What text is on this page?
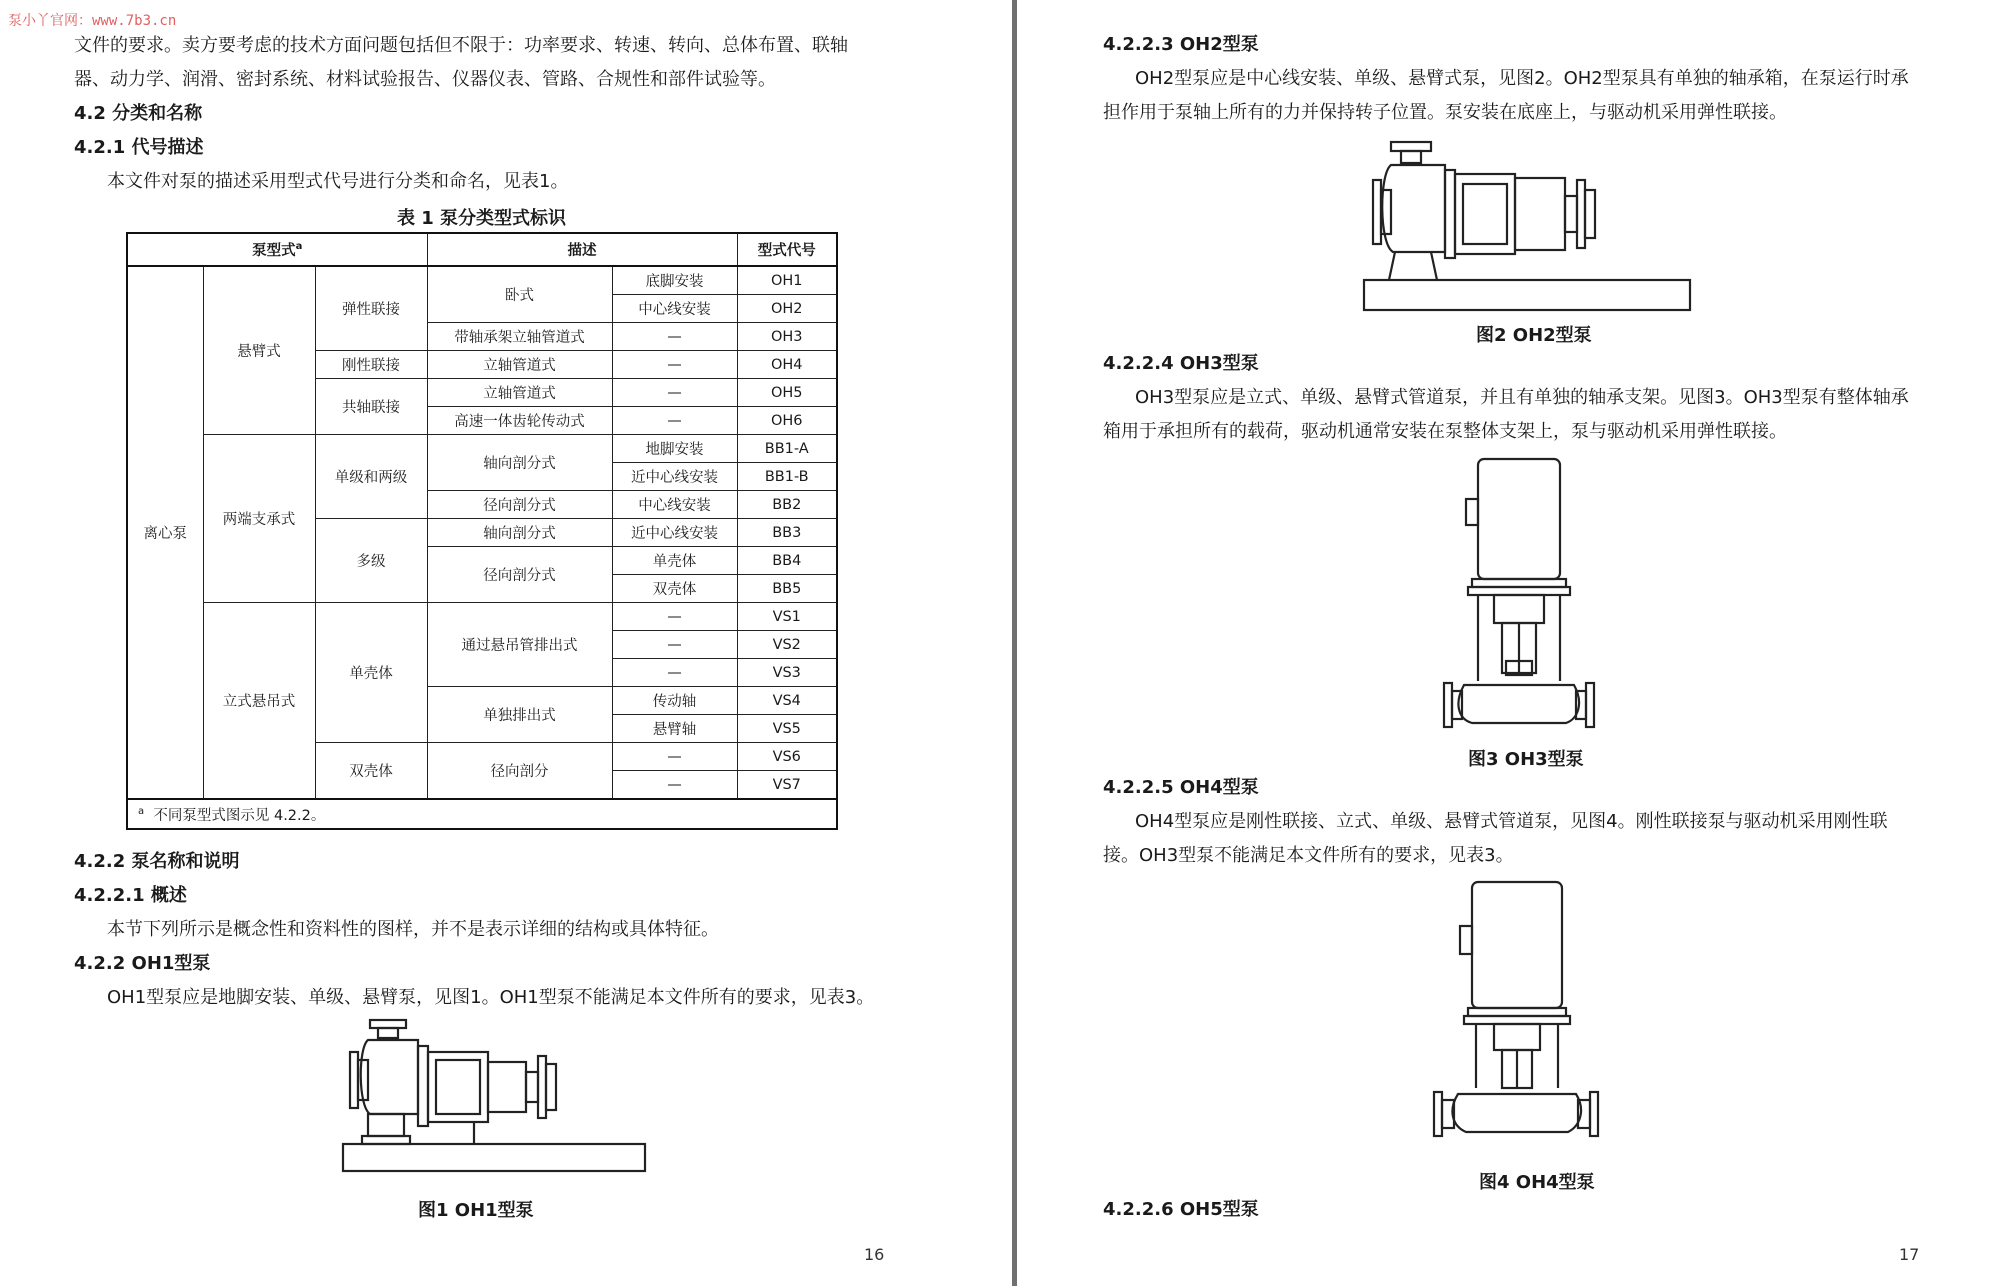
泵小丫官网：www.7b3.cn
文件的要求。卖方要考虑的技术方面问题包括但不限于：功率要求、转速、转向、总体布置、联轴
器、动力学、润滑、密封系统、材料试验报告、仪器仪表、管路、合规性和部件试验等。
4.2 分类和名称
4.2.1 代号描述
本文件对泵的描述采用型式代号进行分类和命名，见表1。
表 1 泵分类型式标识
泵型式$^a$			描述		型式代号
离心泵	悬臂式	弹性联接	卧式	底脚安装	OH1
				中心线安装	OH2
			带轴承架立轴管道式	—	OH3
		刚性联接	立轴管道式	—	OH4
		共轴联接	立轴管道式	—	OH5
			高速一体齿轮传动式	—	OH6
	两端支承式	单级和两级	轴向剖分式	地脚安装	BB1-A
				近中心线安装	BB1-B
			径向剖分式	中心线安装	BB2
		多级	轴向剖分式	近中心线安装	BB3
			径向剖分式	单壳体	BB4
				双壳体	BB5
	立式悬吊式	单壳体	通过悬吊管排出式	—	VS1
				—	VS2
				—	VS3
			单独排出式	传动轴	VS4
				悬臂轴	VS5
		双壳体	径向剖分	—	VS6
				—	VS7
$^a$ 不同泵型式图示见 4.2.2。					
4.2.2 泵名称和说明
4.2.2.1 概述
本节下列所示是概念性和资料性的图样，并不是表示详细的结构或具体特征。
4.2.2 OH1型泵
OH1型泵应是地脚安装、单级、悬臂泵，见图1。OH1型泵不能满足本文件所有的要求，见表3。
图1 OH1型泵
16
4.2.2.3 OH2型泵
OH2型泵应是中心线安装、单级、悬臂式泵，见图2。OH2型泵具有单独的轴承箱，在泵运行时承
担作用于泵轴上所有的力并保持转子位置。泵安装在底座上，与驱动机采用弹性联接。
图2 OH2型泵
4.2.2.4 OH3型泵
OH3型泵应是立式、单级、悬臂式管道泵，并且有单独的轴承支架。见图3。OH3型泵有整体轴承
箱用于承担所有的载荷，驱动机通常安装在泵整体支架上，泵与驱动机采用弹性联接。
图3 OH3型泵
4.2.2.5 OH4型泵
OH4型泵应是刚性联接、立式、单级、悬臂式管道泵，见图4。刚性联接泵与驱动机采用刚性联
接。OH3型泵不能满足本文件所有的要求，见表3。
图4 OH4型泵
4.2.2.6 OH5型泵
17
